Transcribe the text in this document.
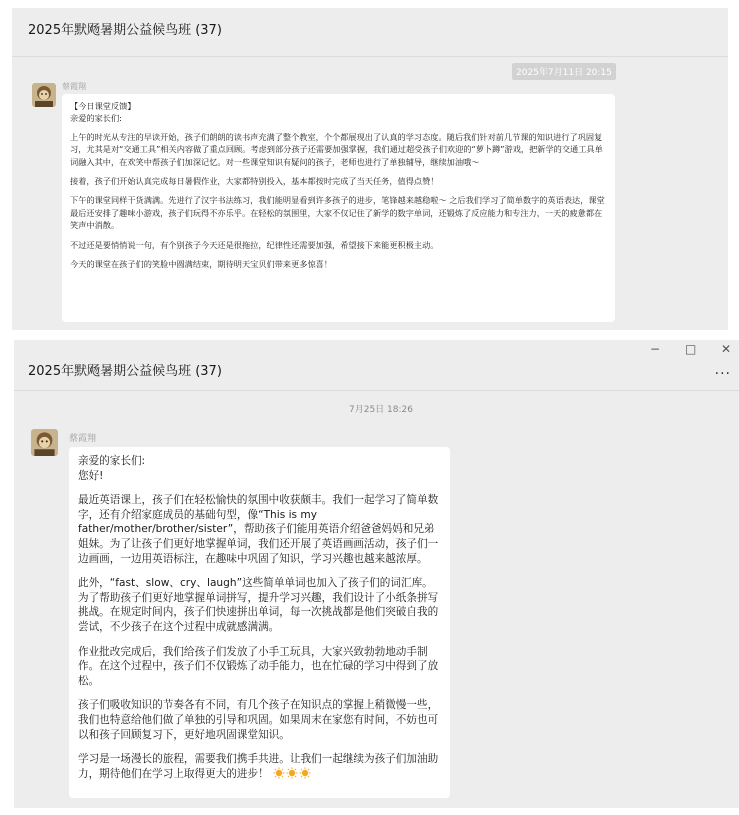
2025年默飏暑期公益候鸟班 (37)
2025年7月11日 20:15
蔡霞翔

【今日课堂反馈】
亲爱的家长们:

上午的时光从专注的早读开始，孩子们朗朗的读书声充满了整个教室，个个都展现出了认真的学习态度。随后我们针对前几节课的知识进行了巩固复习，尤其是对“交通工具”相关内容做了重点回顾。考虑到部分孩子还需要加强掌握，我们通过超受孩子们欢迎的“萝卜蹲”游戏，把新学的交通工具单词融入其中，在欢笑中帮孩子们加深记忆。对一些课堂知识有疑问的孩子，老师也进行了单独辅导，继续加油哦～

接着，孩子们开始认真完成每日暑假作业，大家都特别投入，基本都按时完成了当天任务，值得点赞！

下午的课堂同样干货满满。先进行了汉字书法练习，我们能明显看到许多孩子的进步，笔锋越来越稳啦～ 之后我们学习了简单数字的英语表达，课堂最后还安排了趣味小游戏，孩子们玩得不亦乐乎。在轻松的氛围里，大家不仅记住了新学的数字单词，还锻炼了反应能力和专注力，一天的疲惫都在笑声中消散。

不过还是要悄悄说一句，有个别孩子今天还是很拖拉，纪律性还需要加强，希望接下来能更积极主动。

今天的课堂在孩子们的笑脸中圆满结束，期待明天宝贝们带来更多惊喜！

2025年默飏暑期公益候鸟班 (37)
− □ ✕
···
7月25日 18:26
蔡霞翔

亲爱的家长们:
您好!

最近英语课上，孩子们在轻松愉快的氛围中收获颇丰。我们一起学习了简单数字，还有介绍家庭成员的基础句型，像“This is my father/mother/brother/sister”，帮助孩子们能用英语介绍爸爸妈妈和兄弟姐妹。为了让孩子们更好地掌握单词，我们还开展了英语画画活动，孩子们一边画画，一边用英语标注，在趣味中巩固了知识，学习兴趣也越来越浓厚。

此外，“fast、slow、cry、laugh”这些简单单词也加入了孩子们的词汇库。为了帮助孩子们更好地掌握单词拼写，提升学习兴趣，我们设计了小纸条拼写挑战。在规定时间内，孩子们快速拼出单词，每一次挑战都是他们突破自我的尝试，不少孩子在这个过程中成就感满满。

作业批改完成后，我们给孩子们发放了小手工玩具，大家兴致勃勃地动手制作。在这个过程中，孩子们不仅锻炼了动手能力，也在忙碌的学习中得到了放松。

孩子们吸收知识的节奏各有不同，有几个孩子在知识点的掌握上稍微慢一些，我们也特意给他们做了单独的引导和巩固。如果周末在家您有时间，不妨也可以和孩子回顾复习下，更好地巩固课堂知识。

学习是一场漫长的旅程，需要我们携手共进。让我们一起继续为孩子们加油助力，期待他们在学习上取得更大的进步！
